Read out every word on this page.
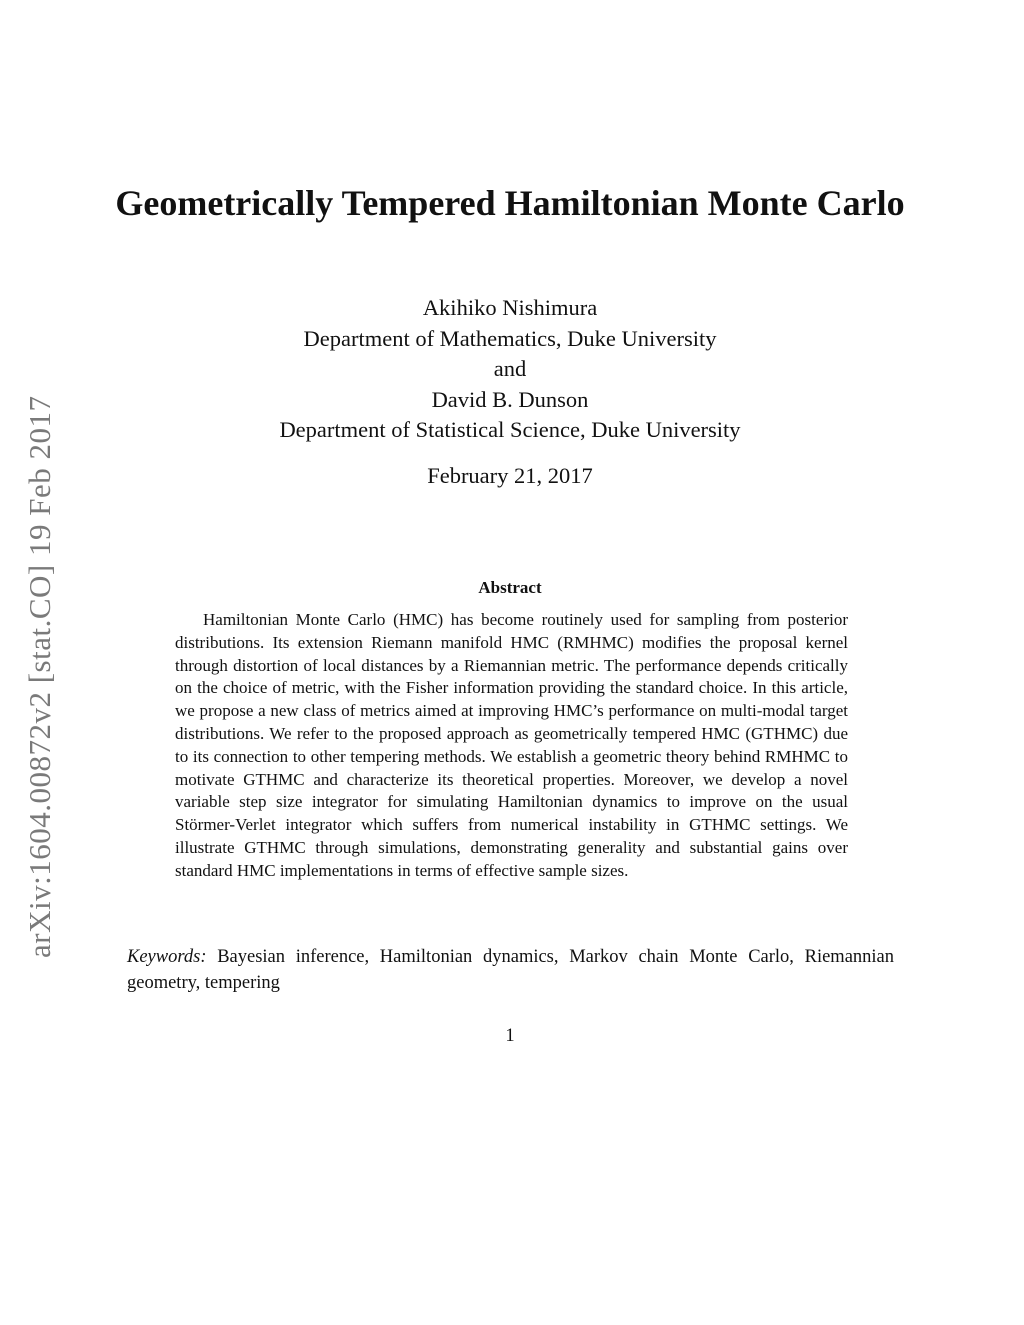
arXiv:1604.00872v2 [stat.CO] 19 Feb 2017
Geometrically Tempered Hamiltonian Monte Carlo
Akihiko Nishimura
Department of Mathematics, Duke University
and
David B. Dunson
Department of Statistical Science, Duke University
February 21, 2017
Abstract

Hamiltonian Monte Carlo (HMC) has become routinely used for sampling from posterior distributions. Its extension Riemann manifold HMC (RMHMC) modifies the proposal kernel through distortion of local distances by a Riemannian metric. The performance depends critically on the choice of metric, with the Fisher information providing the standard choice. In this article, we propose a new class of metrics aimed at improving HMC’s performance on multi-modal target distributions. We refer to the proposed approach as geometrically tempered HMC (GTHMC) due to its connection to other tempering methods. We establish a geometric theory behind RMHMC to motivate GTHMC and characterize its theoretical properties. Moreover, we develop a novel variable step size integrator for simulating Hamiltonian dynamics to improve on the usual Störmer-Verlet integrator which suffers from numerical instability in GTHMC settings. We illustrate GTHMC through simulations, demonstrating generality and substantial gains over standard HMC implementations in terms of effective sample sizes.

Keywords: Bayesian inference, Hamiltonian dynamics, Markov chain Monte Carlo, Riemannian geometry, tempering
1
